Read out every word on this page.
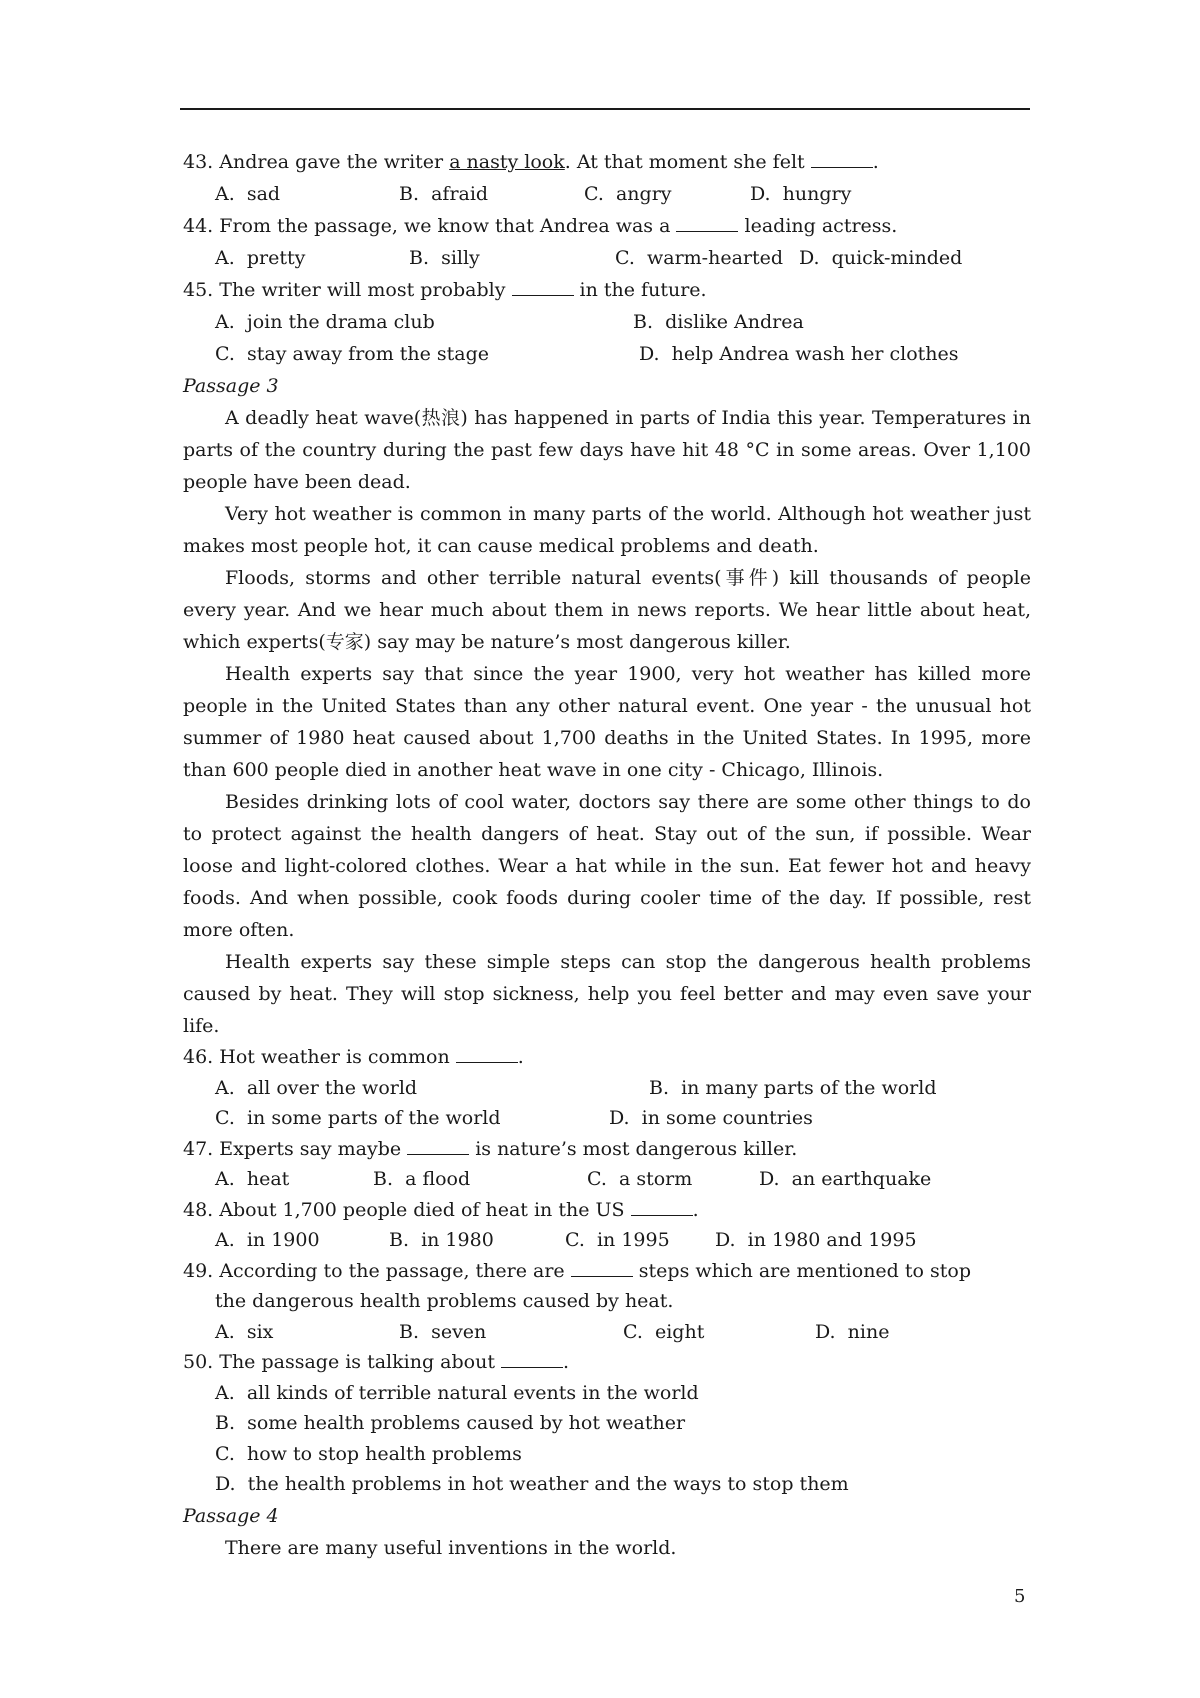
43. Andrea gave the writer a nasty look. At that moment she felt	.
A.  sad	B.  afraid	C.  angry	D.  hungry
44. From the passage, we know that Andrea was a	leading actress.
A.  pretty	B.  silly	C.  warm-hearted D.  quick-minded
45. The writer will most probably	in the future.
A.  join the drama club	B.  dislike Andrea
C.  stay away from the stage	D.  help Andrea wash her clothes
Passage 3
A deadly heat wave(热浪) has happened in parts of India this year. Temperatures in parts of the country during the past few days have hit 48 °C in some areas. Over 1,100 people have been dead.
Very hot weather is common in many parts of the world. Although hot weather just makes most people hot, it can cause medical problems and death.
Floods, storms and other terrible natural events(事件) kill thousands of people every year. And we hear much about them in news reports. We hear little about heat, which experts(专家) say may be nature’s most dangerous killer.
Health experts say that since the year 1900, very hot weather has killed more people in the United States than any other natural event. One year - the unusual hot summer of 1980 heat caused about 1,700 deaths in the United States. In 1995, more than 600 people died in another heat wave in one city - Chicago, Illinois.
Besides drinking lots of cool water, doctors say there are some other things to do to protect against the health dangers of heat. Stay out of the sun, if possible. Wear loose and light-colored clothes. Wear a hat while in the sun. Eat fewer hot and heavy foods. And when possible, cook foods during cooler time of the day. If possible, rest more often.
Health experts say these simple steps can stop the dangerous health problems caused by heat. They will stop sickness, help you feel better and may even save your life.
46. Hot weather is common	.
A.  all over the world	B.  in many parts of the world
C.  in some parts of the world	D.  in some countries
47. Experts say maybe	is nature’s most dangerous killer.
A.  heat	B.  a flood	C.  a storm	D.  an earthquake
48. About 1,700 people died of heat in the US	.
A.  in 1900	B.  in 1980	C.  in 1995 D.  in 1980 and 1995
49. According to the passage, there are	steps which are mentioned to stop
the dangerous health problems caused by heat.
A.  six	B.  seven	C.  eight	D.  nine
50. The passage is talking about	.
A.  all kinds of terrible natural events in the world
B.  some health problems caused by hot weather
C.  how to stop health problems
D.  the health problems in hot weather and the ways to stop them
Passage 4
There are many useful inventions in the world.
5
